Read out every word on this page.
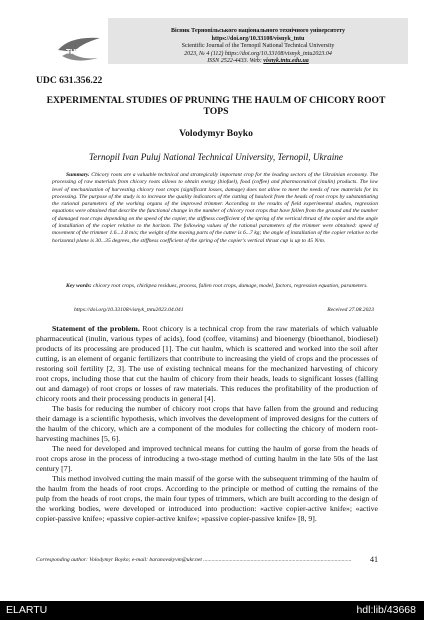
ТНТУ
Вісник Тернопільського національного технічного університету
https://doi.org/10.33108/visnyk_tntu
Scientific Journal of the Ternopil National Technical University
2023, № 4 (112) https://doi.org/10.33108/visnyk_tntu2023.04
ISSN 2522-4433. Web: visnyk.tntu.edu.ua
UDC 631.356.22
EXPERIMENTAL STUDIES OF PRUNING THE HAULM OF CHICORY ROOT TOPS
Volodymyr Boyko
Ternopil Ivan Puluj National Technical University, Ternopil, Ukraine
Summary. Chicory roots are a valuable technical and strategically important crop for the leading sectors of the Ukrainian economy. The processing of raw materials from chicory roots allows to obtain energy (biofuel), food (coffee) and pharmaceutical (inulin) products. The low level of mechanization of harvesting chicory root crops (significant losses, damage) does not allow to meet the needs of raw materials for its processing. The purpose of the study is to increase the quality indicators of the cutting of haulock from the heads of root crops by substantiating the rational parameters of the working organs of the improved trimmer. According to the results of field experimental studies, regression equations were obtained that describe the functional change in the number of chicory root crops that have fallen from the ground and the number of damaged root crops depending on the speed of the copier, the stiffness coefficient of the spring of the vertical thrust of the copier and the angle of installation of the copier relative to the horizon. The following values of the rational parameters of the trimmer were obtained: speed of movement of the trimmer 1.6...1.8 m/s; the weight of the moving parts of the cutter is 6...7 kg; the angle of installation of the copier relative to the horizontal plane is 30...35 degrees, the stiffness coefficient of the spring of the copier's vertical thrust cup is up to 45 N/m.
Key words: chicory root crops, chickpea residues, process, fallen root crops, damage, model, factors, regression equation, parameters.
https://doi.org/10.33108/visnyk_tntu2023.04.041	Received 27.08.2023

Statement of the problem. Root chicory is a technical crop from the raw materials of which valuable pharmaceutical (inulin, various types of acids), food (coffee, vitamins) and bioenergy (bioethanol, biodiesel) products of its processing are produced [1]. The cut haulm, which is scattered and worked into the soil after cutting, is an element of organic fertilizers that contribute to increasing the yield of crops and the processes of restoring soil fertility [2, 3]. The use of existing technical means for the mechanized harvesting of chicory root crops, including those that cut the haulm of chicory from their heads, leads to significant losses (falling out and damage) of root crops or losses of raw materials. This reduces the profitability of the production of chicory roots and their processing products in general [4].

The basis for reducing the number of chicory root crops that have fallen from the ground and reducing their damage is a scientific hypothesis, which involves the development of improved designs for the cutters of the haulm of the chicory, which are a component of the modules for collecting the chicory of modern root-harvesting machines [5, 6].

The need for developed and improved technical means for cutting the haulm of gorse from the heads of root crops arose in the process of introducing a two-stage method of cutting haulm in the late 50s of the last century [7].

This method involved cutting the main massif of the gorse with the subsequent trimming of the haulm of the haulm from the heads of root crops. According to the principle or method of cutting the remains of the pulp from the heads of root crops, the main four types of trimmers, which are built according to the design of the working bodies, were developed or introduced into production: «active copier-active knife»; «active copier-passive knife»; «passive copier-active knife»; «passive copier-passive knife» [8, 9].

Corresponding author: Volodymyr Boyko; e-mail: baranovskyvm@ukr.net ..........................................................................................................	41
ELARTU	hdl:lib/43668
